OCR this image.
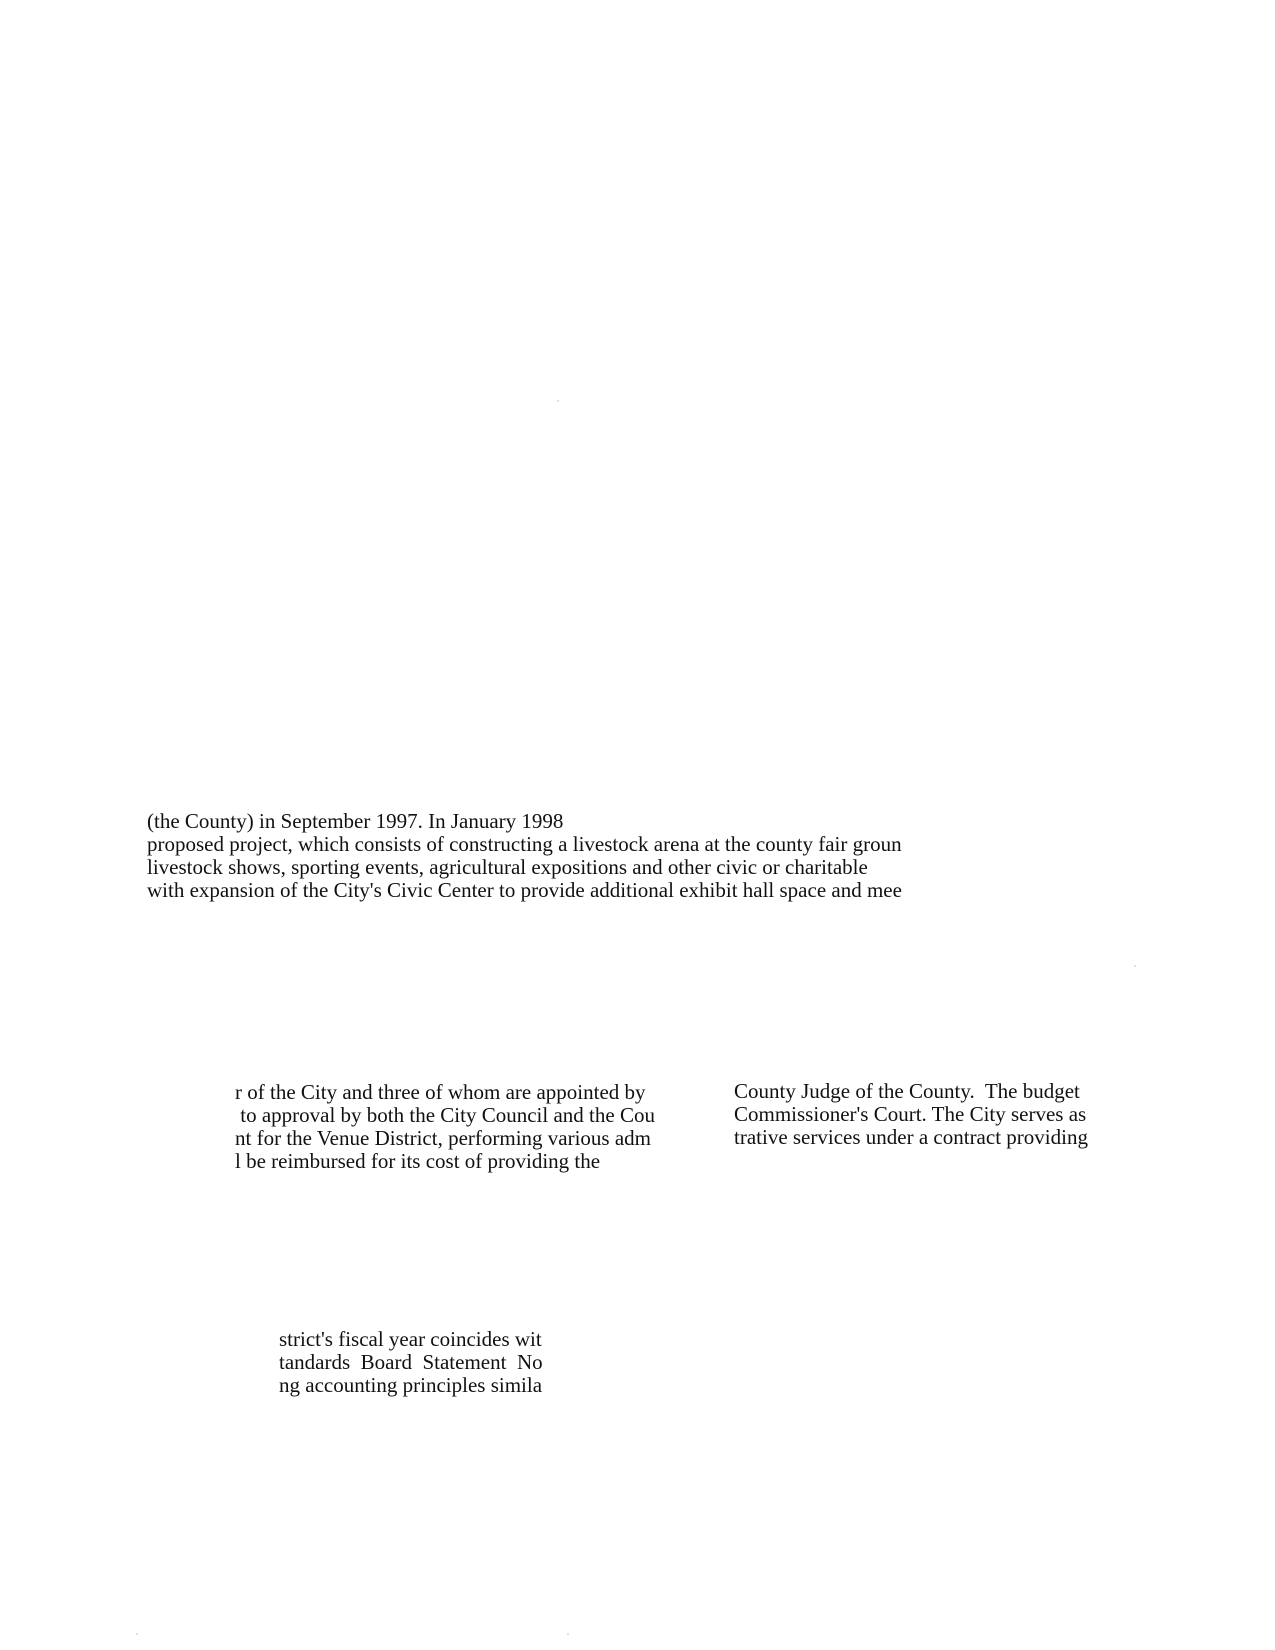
(the County) in September 1997. In January 1998
proposed project, which consists of constructing a livestock arena at the county fair groun
livestock shows, sporting events, agricultural expositions and other civic or charitable
with expansion of the City's Civic Center to provide additional exhibit hall space and mee
r of the City and three of whom are appointed by
to approval by both the City Council and the Cou
nt for the Venue District, performing various adm
l be reimbursed for its cost of providing the
County Judge of the County.  The budget
Commissioner's Court. The City serves as
trative services under a contract providing
strict's fiscal year coincides wit
tandards  Board  Statement  No
ng accounting principles simila
